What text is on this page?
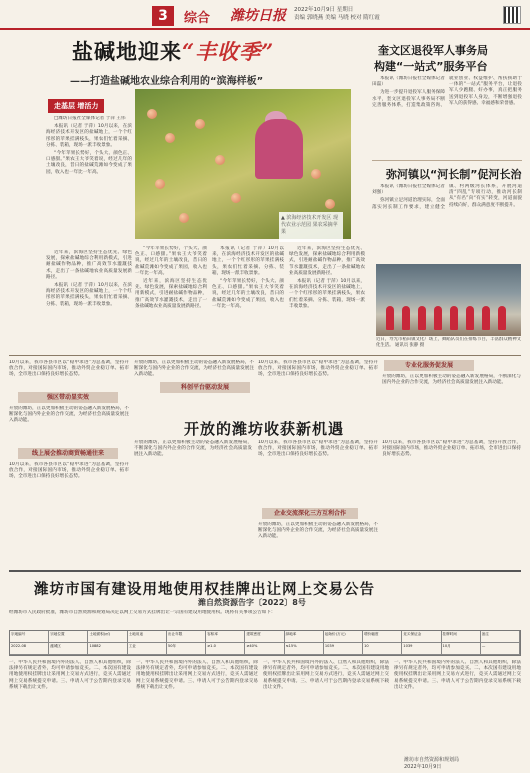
3	综合 潍坊日报 2022年10月9日 星期日
责编 郭晓燕 美编 马晓 校对 隋红霞
盐碱地迎来“丰收季”
——打造盐碱地农业综合利用的“滨海样板”
走基层 增活力
▲ 滨海经济技术开发区 现代农业示范园 果农采摘苹果

□潍坊日报社全媒体记者 于萍 王伟

本报讯（记者 于萍）10月以来，在滨海经济技术开发区的盐碱地上，一个个红彤彤的苹果挂满枝头，果农们忙着采摘、分拣、装箱，现场一派丰收景象。

“今年苹果长势好，个头大、颜色正、口感甜。”果农王大爷笑着说，经过几年的土壤改良，昔日的盐碱荒滩如今变成了果园，收入也一年比一年高。

近年来，滨海区坚持生态优先、绿色发展，探索盐碱地综合利用新模式，引进耐盐碱作物品种，推广高效节水灌溉技术，走出了一条盐碱地农业高质量发展新路径。

本报讯（记者 于萍）10月以来，在滨海经济技术开发区的盐碱地上，一个个红彤彤的苹果挂满枝头，果农们忙着采摘、分拣、装箱，现场一派丰收景象。

“今年苹果长势好，个头大、颜色正、口感甜。”果农王大爷笑着说，经过几年的土壤改良，昔日的盐碱荒滩如今变成了果园，收入也一年比一年高。

近年来，滨海区坚持生态优先、绿色发展，探索盐碱地综合利用新模式，引进耐盐碱作物品种，推广高效节水灌溉技术，走出了一条盐碱地农业高质量发展新路径。

本报讯（记者 于萍）10月以来，在滨海经济技术开发区的盐碱地上，一个个红彤彤的苹果挂满枝头，果农们忙着采摘、分拣、装箱，现场一派丰收景象。

“今年苹果长势好，个头大、颜色正、口感甜。”果农王大爷笑着说，经过几年的土壤改良，昔日的盐碱荒滩如今变成了果园，收入也一年比一年高。

近年来，滨海区坚持生态优先、绿色发展，探索盐碱地综合利用新模式，引进耐盐碱作物品种，推广高效节水灌溉技术，走出了一条盐碱地农业高质量发展新路径。

本报讯（记者 于萍）10月以来，在滨海经济技术开发区的盐碱地上，一个个红彤彤的苹果挂满枝头，果农们忙着采摘、分拣、装箱，现场一派丰收景象。

奎文区退役军人事务局
构建“一站式”服务平台

本报讯（潍坊日报社全媒体记者 田磊）

为进一步提升退役军人服务保障水平，奎文区退役军人事务局不断完善服务体系，打造集政策咨询、就业创业、权益维护、帮扶援助于一体的“一站式”服务平台，让退役军人少跑腿、好办事，真正把服务送到退役军人身边，不断增强退役军人的获得感、幸福感和荣誉感。

弥河镇以“河长制”促河长治

本报讯（潍坊日报社全媒体记者 刘强）

弥河镇立足河道治理实际，全面落实河长制工作要求，建立健全镇、村两级河长体系，开展河道清“四乱”专项行动，推动河长制从“有名”向“有实”转变，河道面貌持续向好，群众满意度不断提升。

近日，寿光市稻田镇文化广场上，舞蹈队员们在排练节目，丰富群众精神文化生活。 通讯员 张静 摄
10月以来，我市各县市区以“稳中求进”为总基调，坚持开放合作，对接国际国内市场，推动外贸企业稳订单、拓市场，全市进出口保持良好增长态势。
强区带动显实效
开放的潍坊，正以更加积极主动的姿态融入新发展格局，不断深化与国内外企业的合作交流，为经济社会高质量发展注入新动能。
线上展会推动商贸畅通往来
10月以来，我市各县市区以“稳中求进”为总基调，坚持开放合作，对接国际国内市场，推动外贸企业稳订单、拓市场，全市进出口保持良好增长态势。
开放的潍坊，正以更加积极主动的姿态融入新发展格局，不断深化与国内外企业的合作交流，为经济社会高质量发展注入新动能。
科创平台驱动发展
10月以来，我市各县市区以“稳中求进”为总基调，坚持开放合作，对接国际国内市场，推动外贸企业稳订单、拓市场，全市进出口保持良好增长态势。
专业化服务促发展
开放的潍坊，正以更加积极主动的姿态融入新发展格局，不断深化与国内外企业的合作交流，为经济社会高质量发展注入新动能。
开放的潍坊收获新机遇
开放的潍坊，正以更加积极主动的姿态融入新发展格局，不断深化与国内外企业的合作交流，为经济社会高质量发展注入新动能。
企业交流深化三方互利合作
10月以来，我市各县市区以“稳中求进”为总基调，坚持开放合作，对接国际国内市场，推动外贸企业稳订单、拓市场，全市进出口保持良好增长态势。
开放的潍坊，正以更加积极主动的姿态融入新发展格局，不断深化与国内外企业的合作交流，为经济社会高质量发展注入新动能。
10月以来，我市各县市区以“稳中求进”为总基调，坚持开放合作，对接国际国内市场，推动外贸企业稳订单、拓市场，全市进出口保持良好增长态势。
潍坊市国有建设用地使用权挂牌出让网上交易公告
潍自然资源告字〔2022〕8号
经潍坊市人民政府批准，潍坊市自然资源和规划局决定以网上交易方式挂牌出让一宗国有建设用地使用权。现将有关事项公告如下：
宗地编号	宗地位置	土地面积(㎡)	土地用途	出让年限	容积率	建筑密度	绿地率	起始价(万元)	增价幅度	竞买保证金	挂牌时间	备注
2022-08	潍城区	10882	工业	50年	≥1.0	≥40%	≤15%	1039	10	1039	10月	—
一、中华人民共和国境内外的法人、自然人和其他组织，除法律另有规定者外，均可申请参加竞买。二、本次国有建设用地使用权挂牌出让采用网上交易方式进行，竞买人需通过网上交易系统提交申请。三、申请人可于公告期内登录交易系统下载出让文件。
一、中华人民共和国境内外的法人、自然人和其他组织，除法律另有规定者外，均可申请参加竞买。二、本次国有建设用地使用权挂牌出让采用网上交易方式进行，竞买人需通过网上交易系统提交申请。三、申请人可于公告期内登录交易系统下载出让文件。
一、中华人民共和国境内外的法人、自然人和其他组织，除法律另有规定者外，均可申请参加竞买。二、本次国有建设用地使用权挂牌出让采用网上交易方式进行，竞买人需通过网上交易系统提交申请。三、申请人可于公告期内登录交易系统下载出让文件。
一、中华人民共和国境内外的法人、自然人和其他组织，除法律另有规定者外，均可申请参加竞买。二、本次国有建设用地使用权挂牌出让采用网上交易方式进行，竞买人需通过网上交易系统提交申请。三、申请人可于公告期内登录交易系统下载出让文件。
潍坊市自然资源和规划局
2022年10月9日
